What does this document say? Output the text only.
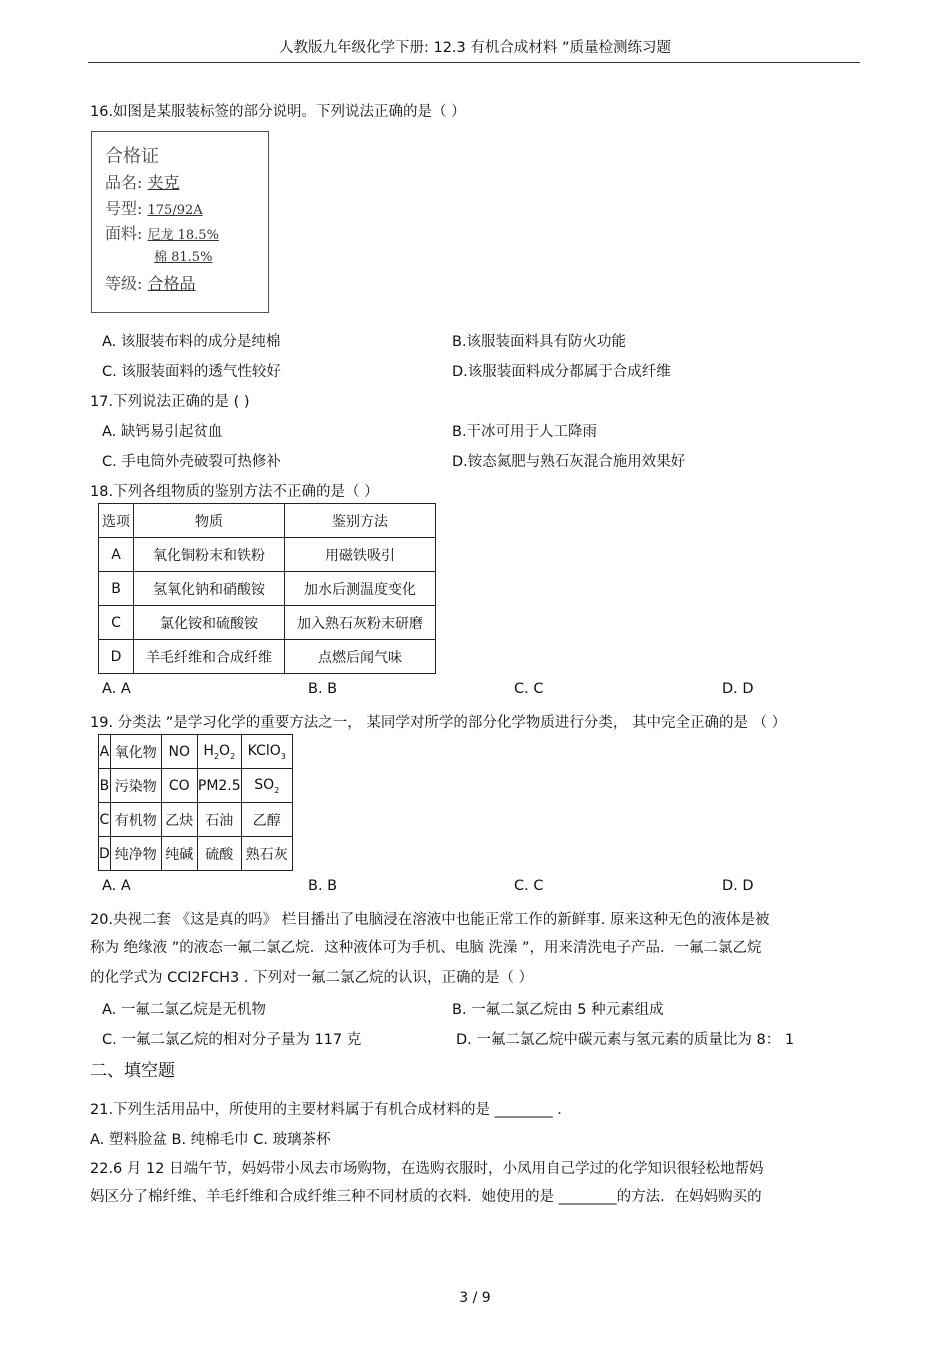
人教版九年级化学下册: 12.3 有机合成材料 ”质量检测练习题
16.如图是某服装标签的部分说明。下列说法正确的是（ ）
合格证
品名: 夹克
号型: 175/92A
面料: 尼龙 18.5%
棉 81.5%
等级: 合格品
A. 该服装布料的成分是纯棉	B.该服装面料具有防火功能
C. 该服装面料的透气性较好	D.该服装面料成分都属于合成纤维
17.下列说法正确的是 ( )
A. 缺钙易引起贫血	B.干冰可用于人工降雨
C. 手电筒外壳破裂可热修补	D.铵态氮肥与熟石灰混合施用效果好
18.下列各组物质的鉴别方法不正确的是（ ）
选项	物质	鉴别方法
A	氧化铜粉末和铁粉	用磁铁吸引
B	氢氧化钠和硝酸铵	加水后测温度变化
C	氯化铵和硫酸铵	加入熟石灰粉末研磨
D	羊毛纤维和合成纤维	点燃后闻气味
A. A	B. B	C. C	D. D
19. 分类法 ”是学习化学的重要方法之一， 某同学对所学的部分化学物质进行分类， 其中完全正确的是 （ ）
A	氧化物	NO	$H_2O_2$	KClO$_3$
B	污染物	CO	PM2.5	$SO_2$
C	有机物	乙炔	石油	乙醇
D	纯净物	纯碱	硫酸	熟石灰
A. A	B. B	C. C	D. D
20.央视二套 《这是真的吗》 栏目播出了电脑浸在溶液中也能正常工作的新鲜事. 原来这种无色的液体是被
称为 绝缘液 ”的液态一氟二氯乙烷．这种液体可为手机、电脑 洗澡 ”，用来清洗电子产品．一氟二氯乙烷
的化学式为 CCl2FCH3 . 下列对一氟二氯乙烷的认识，正确的是（ ）
A. 一氟二氯乙烷是无机物	B. 一氟二氯乙烷由 5 种元素组成
C. 一氟二氯乙烷的相对分子量为 117 克	D. 一氟二氯乙烷中碳元素与氢元素的质量比为 8： 1
二、填空题
21.下列生活用品中，所使用的主要材料属于有机合成材料的是 ________ .
A. 塑料脸盆 B. 纯棉毛巾 C. 玻璃茶杯
22.6 月 12 日端午节，妈妈带小凤去市场购物，在选购衣服时，小凤用自己学过的化学知识很轻松地帮妈
妈区分了棉纤维、羊毛纤维和合成纤维三种不同材质的衣料．她使用的是 ________的方法．在妈妈购买的
3 / 9
